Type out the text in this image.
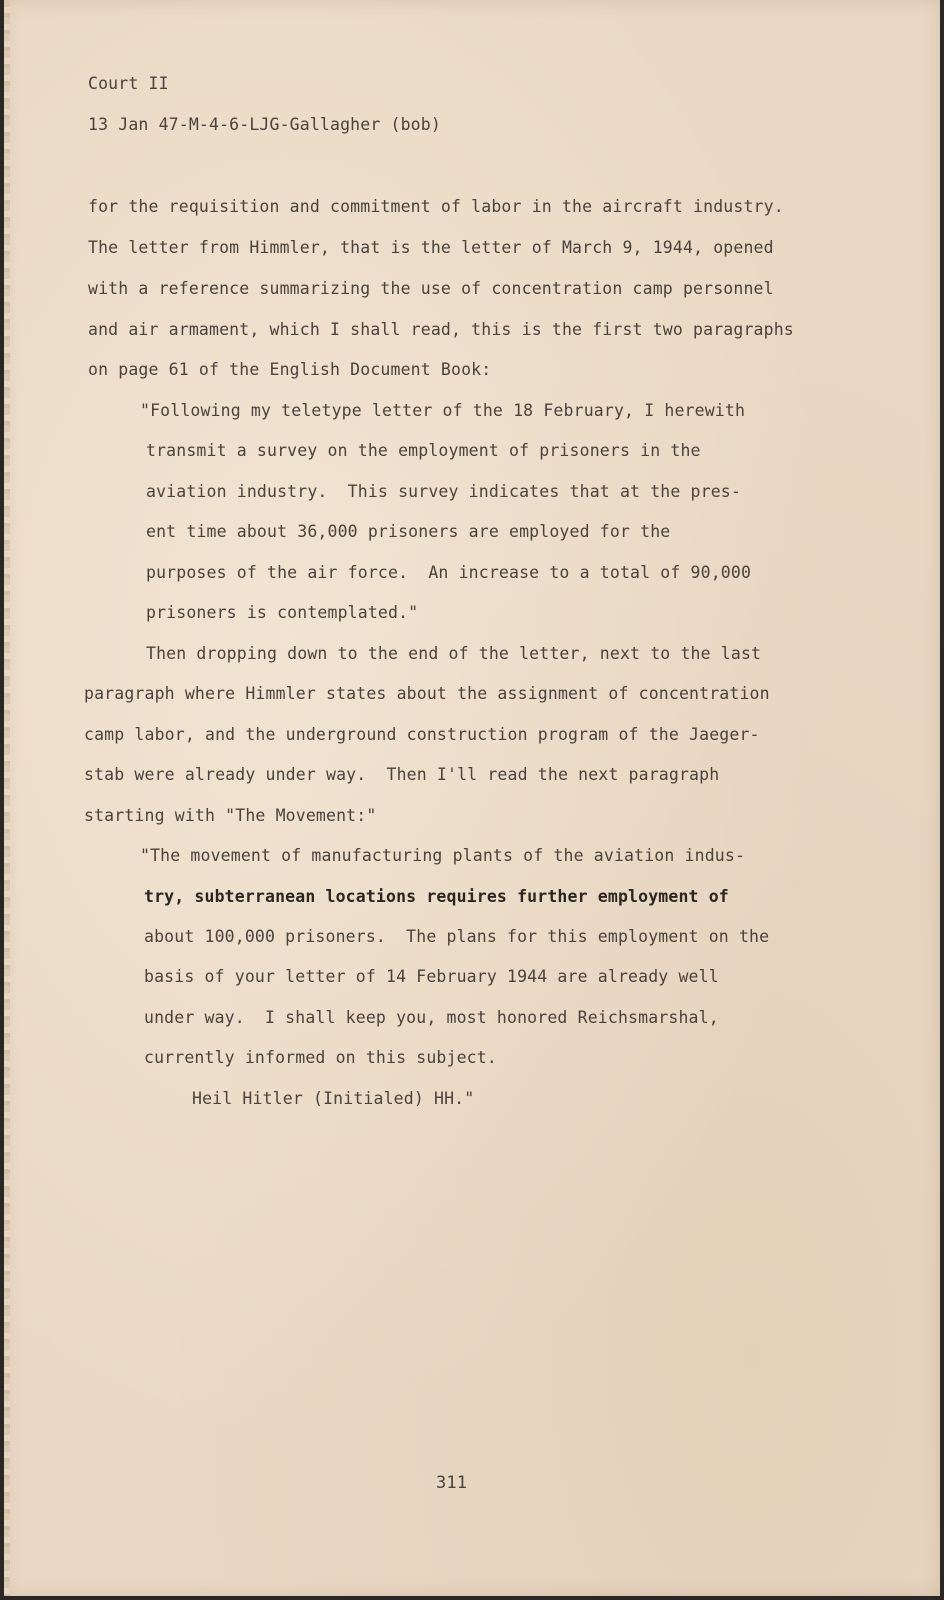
Court II

13 Jan 47-M-4-6-LJG-Gallagher (bob)

for the requisition and commitment of labor in the aircraft industry.

The letter from Himmler, that is the letter of March 9, 1944, opened

with a reference summarizing the use of concentration camp personnel

and air armament, which I shall read, this is the first two paragraphs

on page 61 of the English Document Book:

"Following my teletype letter of the 18 February, I herewith

transmit a survey on the employment of prisoners in the

aviation industry.  This survey indicates that at the pres-

ent time about 36,000 prisoners are employed for the

purposes of the air force.  An increase to a total of 90,000

prisoners is contemplated."

Then dropping down to the end of the letter, next to the last

paragraph where Himmler states about the assignment of concentration

camp labor, and the underground construction program of the Jaeger-

stab were already under way.  Then I'll read the next paragraph

starting with "The Movement:"

"The movement of manufacturing plants of the aviation indus-

try, subterranean locations requires further employment of

about 100,000 prisoners.  The plans for this employment on the

basis of your letter of 14 February 1944 are already well

under way.  I shall keep you, most honored Reichsmarshal,

currently informed on this subject.

Heil Hitler (Initialed) HH."

311
